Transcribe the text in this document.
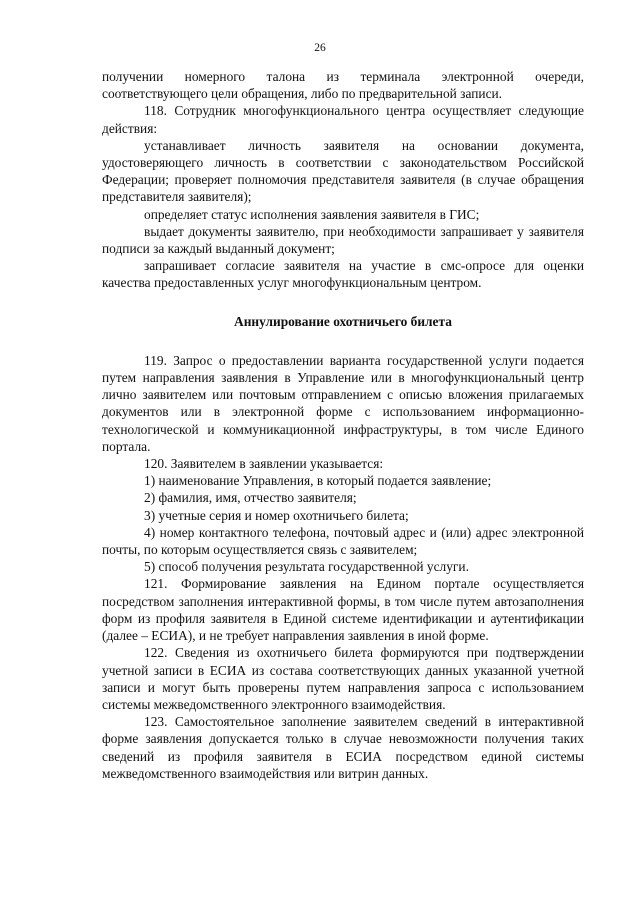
26

получении номерного талона из терминала электронной очереди, соответствующего цели обращения, либо по предварительной записи.

118. Сотрудник многофункционального центра осуществляет следующие действия:

устанавливает личность заявителя на основании документа, удостоверяющего личность в соответствии с законодательством Российской Федерации; проверяет полномочия представителя заявителя (в случае обращения представителя заявителя);

определяет статус исполнения заявления заявителя в ГИС;

выдает документы заявителю, при необходимости запрашивает у заявителя подписи за каждый выданный документ;

запрашивает согласие заявителя на участие в смс-опросе для оценки качества предоставленных услуг многофункциональным центром.

Аннулирование охотничьего билета

119. Запрос о предоставлении варианта государственной услуги подается путем направления заявления в Управление или в многофункциональный центр лично заявителем или почтовым отправлением с описью вложения прилагаемых документов или в электронной форме с использованием информационно-технологической и коммуникационной инфраструктуры, в том числе Единого портала.

120. Заявителем в заявлении указывается:

1) наименование Управления, в который подается заявление;

2) фамилия, имя, отчество заявителя;

3) учетные серия и номер охотничьего билета;

4) номер контактного телефона, почтовый адрес и (или) адрес электронной почты, по которым осуществляется связь с заявителем;

5) способ получения результата государственной услуги.

121. Формирование заявления на Едином портале осуществляется посредством заполнения интерактивной формы, в том числе путем автозаполнения форм из профиля заявителя в Единой системе идентификации и аутентификации (далее – ЕСИА), и не требует направления заявления в иной форме.

122. Сведения из охотничьего билета формируются при подтверждении учетной записи в ЕСИА из состава соответствующих данных указанной учетной записи и могут быть проверены путем направления запроса с использованием системы межведомственного электронного взаимодействия.

123. Самостоятельное заполнение заявителем сведений в интерактивной форме заявления допускается только в случае невозможности получения таких сведений из профиля заявителя в ЕСИА посредством единой системы межведомственного взаимодействия или витрин данных.
